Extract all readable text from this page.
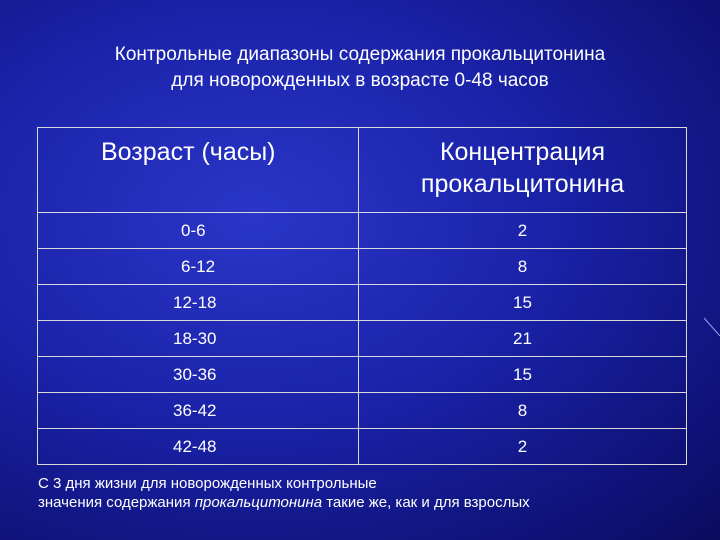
Контрольные диапазоны содержания прокальцитонина
для новорожденных в возрасте 0-48 часов
Возраст (часы)	Концентрация
прокальцитонина

0-6	2
6-12	8
12-18	15
18-30	21
30-36	15
36-42	8
42-48	2
С 3 дня жизни для новорожденных контрольные
значения содержания прокальцитонина такие же, как и для взрослых
